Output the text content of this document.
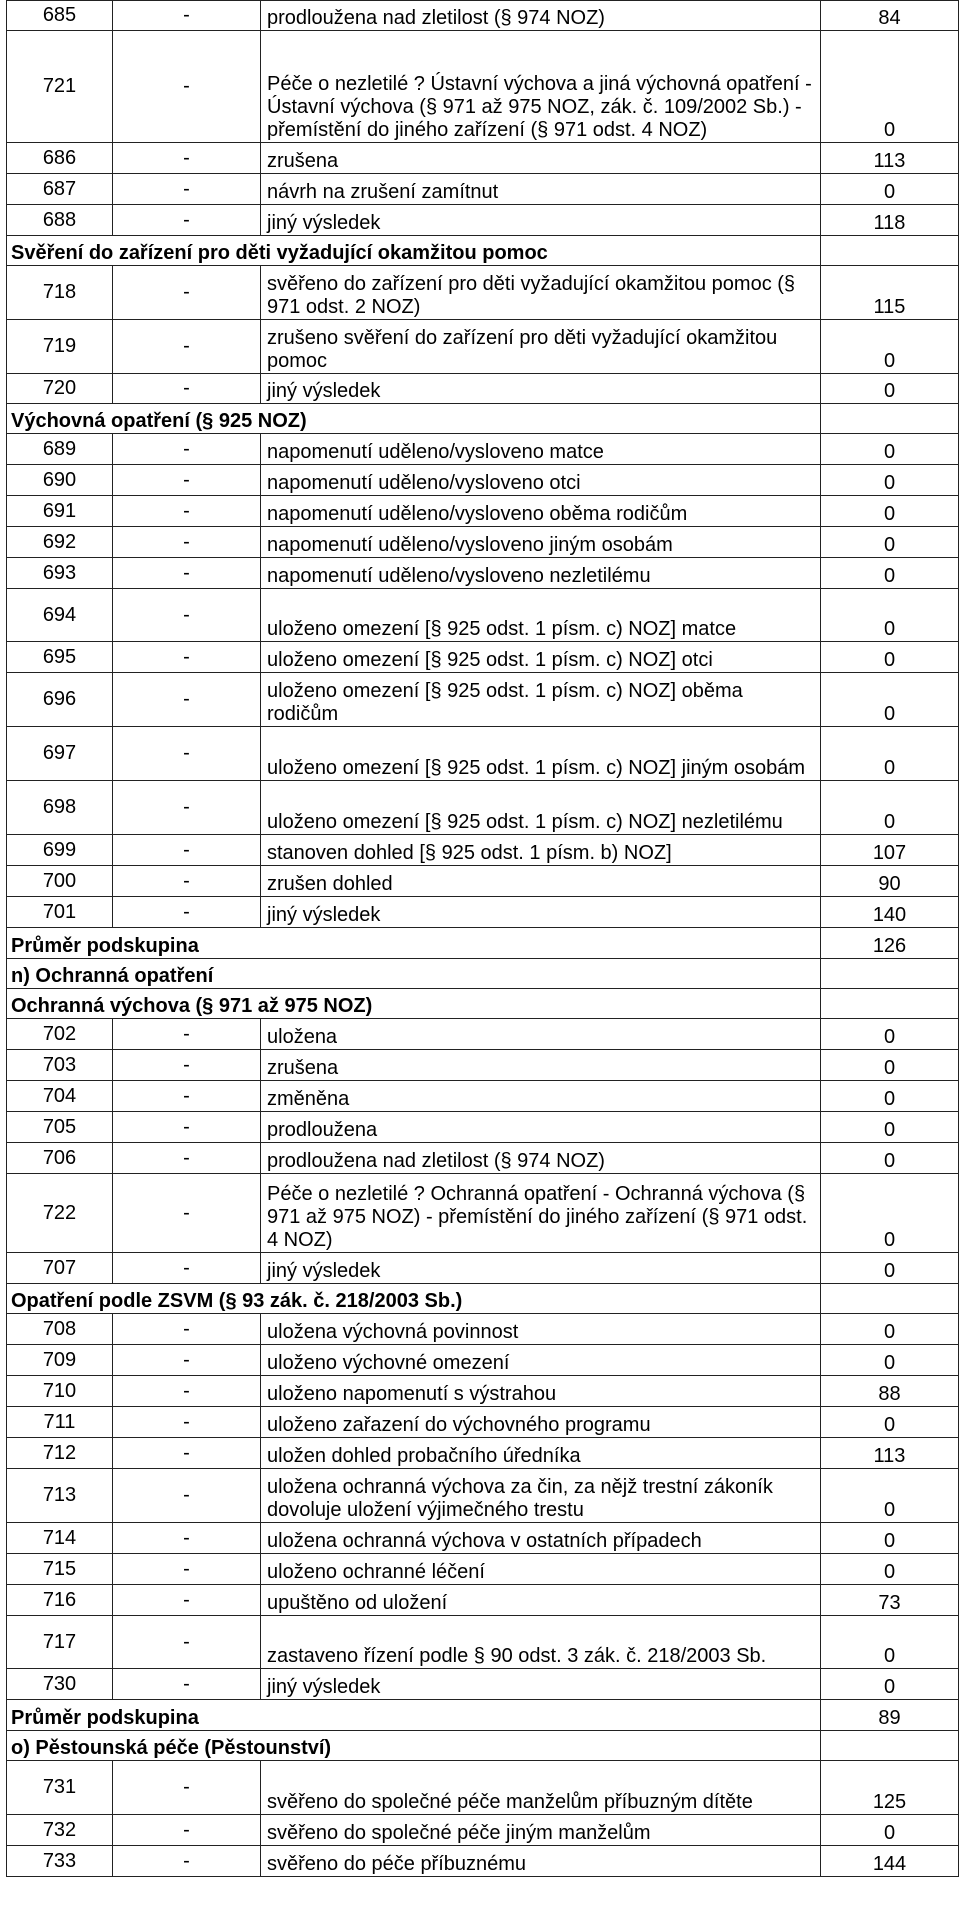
685	-	prodloužena nad zletilost (§ 974 NOZ)	84
721	-	Péče o nezletilé ? Ústavní výchova a jiná výchovná opatření - Ústavní výchova (§ 971 až 975 NOZ, zák. č. 109/2002 Sb.) - přemístění do jiného zařízení (§ 971 odst. 4 NOZ)	0
686	-	zrušena	113
687	-	návrh na zrušení zamítnut	0
688	-	jiný výsledek	118
Svěření do zařízení pro děti vyžadující okamžitou pomoc			
718	-	svěřeno do zařízení pro děti vyžadující okamžitou pomoc (§ 971 odst. 2 NOZ)	115
719	-	zrušeno svěření do zařízení pro děti vyžadující okamžitou pomoc	0
720	-	jiný výsledek	0
Výchovná opatření (§ 925 NOZ)			
689	-	napomenutí uděleno/vysloveno matce	0
690	-	napomenutí uděleno/vysloveno otci	0
691	-	napomenutí uděleno/vysloveno oběma rodičům	0
692	-	napomenutí uděleno/vysloveno jiným osobám	0
693	-	napomenutí uděleno/vysloveno nezletilému	0
694	-	uloženo omezení [§ 925 odst. 1 písm. c) NOZ] matce	0
695	-	uloženo omezení [§ 925 odst. 1 písm. c) NOZ] otci	0
696	-	uloženo omezení [§ 925 odst. 1 písm. c) NOZ] oběma rodičům	0
697	-	uloženo omezení [§ 925 odst. 1 písm. c) NOZ] jiným osobám	0
698	-	uloženo omezení [§ 925 odst. 1 písm. c) NOZ] nezletilému	0
699	-	stanoven dohled [§ 925 odst. 1 písm. b) NOZ]	107
700	-	zrušen dohled	90
701	-	jiný výsledek	140
Průměr podskupina			126
n) Ochranná opatření			
Ochranná výchova (§ 971 až 975 NOZ)			
702	-	uložena	0
703	-	zrušena	0
704	-	změněna	0
705	-	prodloužena	0
706	-	prodloužena nad zletilost (§ 974 NOZ)	0
722	-	Péče o nezletilé ? Ochranná opatření - Ochranná výchova (§ 971 až 975 NOZ) - přemístění do jiného zařízení (§ 971 odst. 4 NOZ)	0
707	-	jiný výsledek	0
Opatření podle ZSVM (§ 93 zák. č. 218/2003 Sb.)			
708	-	uložena výchovná povinnost	0
709	-	uloženo výchovné omezení	0
710	-	uloženo napomenutí s výstrahou	88
711	-	uloženo zařazení do výchovného programu	0
712	-	uložen dohled probačního úředníka	113
713	-	uložena ochranná výchova za čin, za nějž trestní zákoník dovoluje uložení výjimečného trestu	0
714	-	uložena ochranná výchova v ostatních případech	0
715	-	uloženo ochranné léčení	0
716	-	upuštěno od uložení	73
717	-	zastaveno řízení podle § 90 odst. 3 zák. č. 218/2003 Sb.	0
730	-	jiný výsledek	0
Průměr podskupina			89
o) Pěstounská péče (Pěstounství)			
731	-	svěřeno do společné péče manželům příbuzným dítěte	125
732	-	svěřeno do společné péče jiným manželům	0
733	-	svěřeno do péče příbuznému	144
